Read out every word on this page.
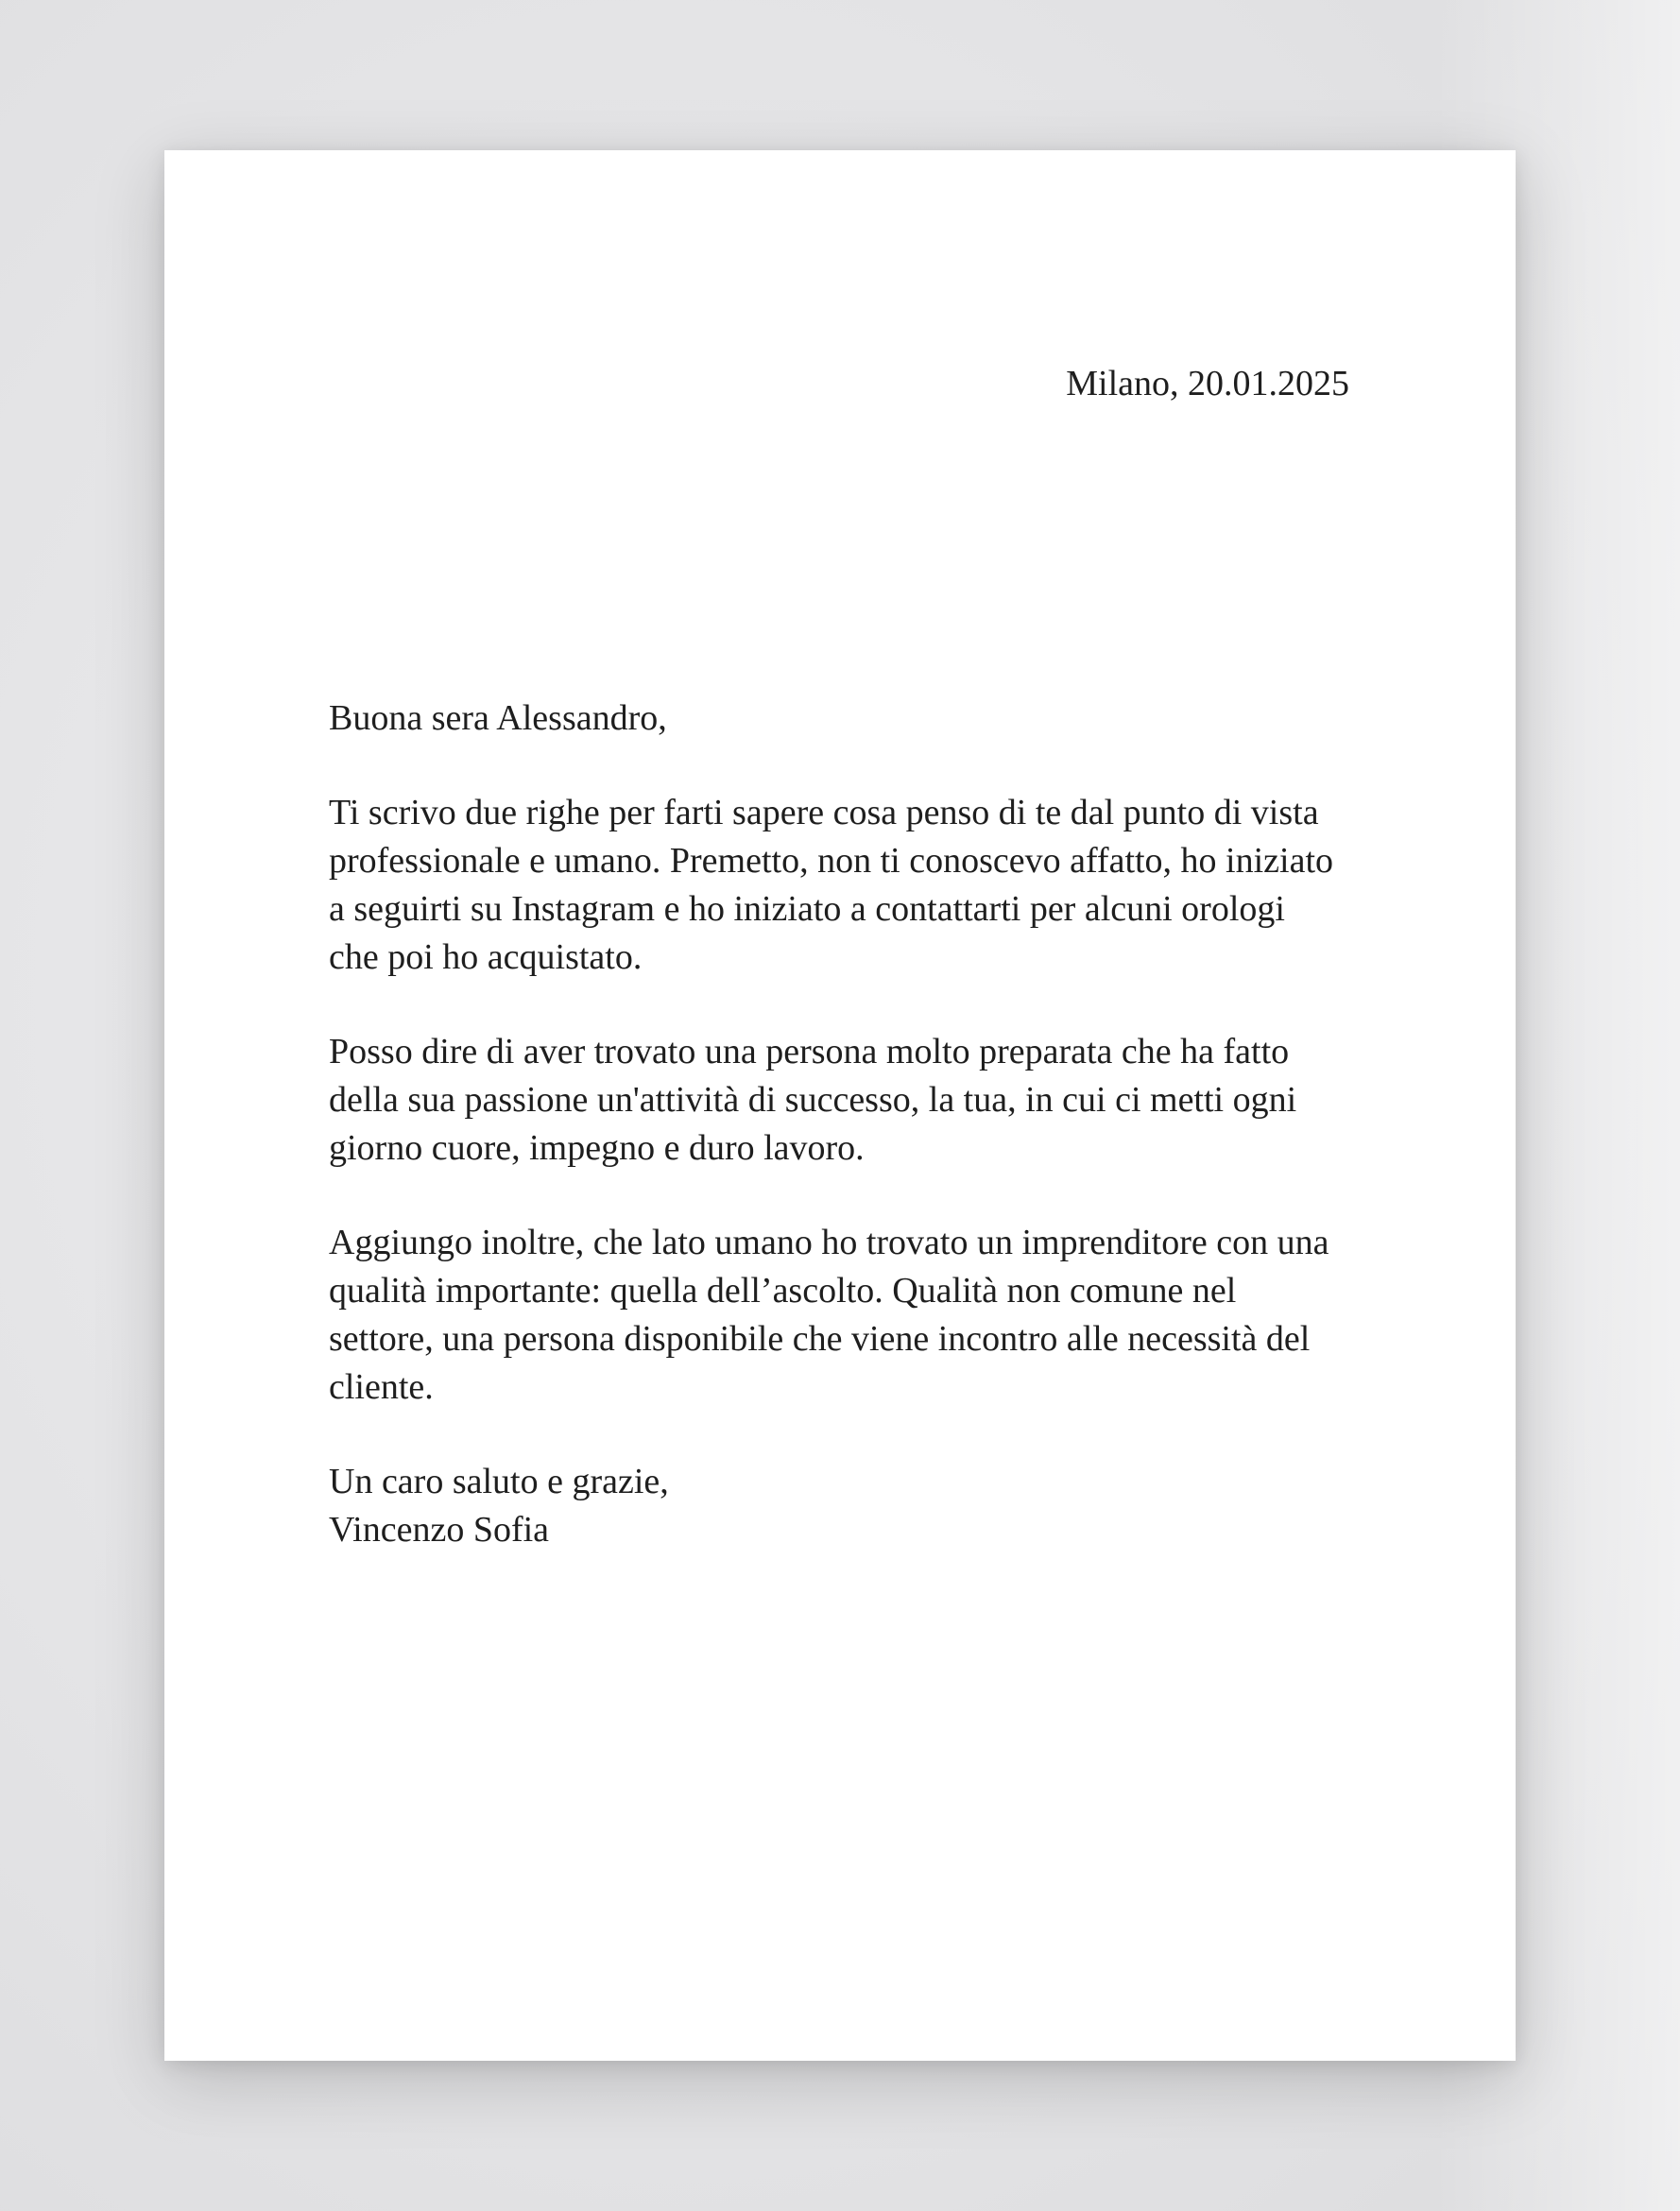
Milano, 20.01.2025

Buona sera Alessandro,

Ti scrivo due righe per farti sapere cosa penso di te dal punto di vista
professionale e umano. Premetto, non ti conoscevo affatto, ho iniziato
a seguirti su Instagram e ho iniziato a contattarti per alcuni orologi
che poi ho acquistato.

Posso dire di aver trovato una persona molto preparata che ha fatto
della sua passione un'attività di successo, la tua, in cui ci metti ogni
giorno cuore, impegno e duro lavoro.

Aggiungo inoltre, che lato umano ho trovato un imprenditore con una
qualità importante: quella dell’ascolto. Qualità non comune nel
settore, una persona disponibile che viene incontro alle necessità del
cliente.

Un caro saluto e grazie,
Vincenzo Sofia
